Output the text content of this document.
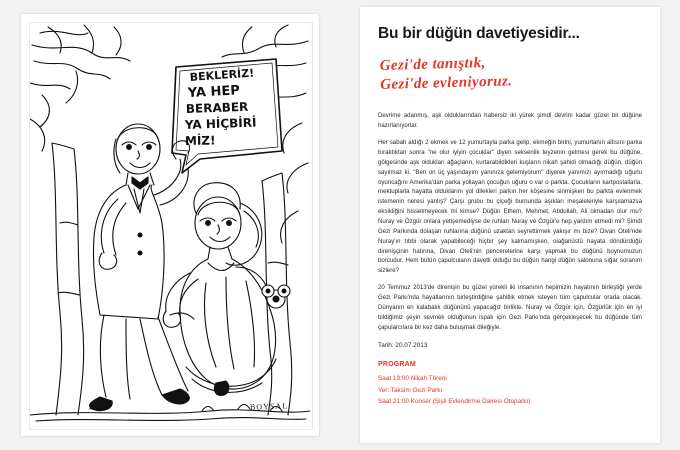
BEKLERİZ!
YA HEP
BERABER
YA HİÇBİRİ
MİZ!
BOYSAL
Bu bir düğün davetiyesidir...
Gezi'de tanıştık,
Gezi'de evleniyoruz.

Devrime adanmış, aşk olduklarından habersiz iki yürek şimdi devrim kadar güzel bir düğüne hazırlanıyorlar.

Her sabah aldığı 2 ekmek ve 12 yumurtayla parka gelip, ekmeğin birini, yumurtanın altısını parka bıraktıktan sonra "ne olur iyiyin çocuklar" diyen seksenlik teyzenin gelmesi gerek bu düğüne, gölgesinde aşk oldukları ağaçların, kurtarabildikleri kuşların nikah şahidi olmadığı düğün, düğün sayılmaz ki. "Ben on üç yaşındayım yanınıza gelemiyorum" diyerek yanımızı ayırmadığı uğurlu oyuncağını Amerika'dan parka yollayan çocuğun uğuru o var o parkta. Çocukların kartpostallarla, mektuplarla hayatta olduklarını yol dilekleri parkın her köşesine sinmişken bu parkta evlenmek istemenin neresi yanlış? Çarşı grubu bu çiçeği burnunda aşıkları meşaleleriyle karşılamazsa eksikliğini hissetmeyecek mi kimse? Düğün Ethem, Mehmet, Abdullah, Ali olmadan olur mu? Nuray ve Özgür onlara yetişemediyse de ruhları Nuray ve Özgür'e hep yardım etmedi mi? Şimdi Gezi Parkında dolaşan ruhlarına düğünü uzaktan seyrettirmek yakışır mı bize? Divan Oteli'nde Nuray'ın tıbbi olarak yapabileceği hiçbir şey kalmamışken, olağanüstü hayata döndürdüğü direnişçinin hatırına, Divan Oteli'nin pencerelerine karşı yapmak bu düğünü boynumuzun borcudur. Hem bütün çapulcuların davetli olduğu bu düğün hangi düğün salonuna sığar soranım sizlere?

20 Temmuz 2013'de direnişin bu güzel yürekli iki insanının hepimizin hayatının birleştiği yerde Gezi Parkı'nda hayatlarının birleştirdiğine şahitlik etmek isteyen tüm çapulcular orada olacak. Dünyanın en kalabalık düğününü yapacağız birlikte. Nuray ve Özgür için, Özgürlük için en iyi bildiğimiz şeyin sevmek olduğunun ispatı için Gezi Parkı'nda gerçekleşecek bu düğünde tüm çapularcılara bir kez daha buluşmak dileğiyle.

Tarih: 20.07.2013
PROGRAM

Saat 19:00 Nikah Töreni

Yer: Taksim Gezi Parkı

Saat 21:00 Konser (Şişli Evlendirme Dairesi Otoparkı)
